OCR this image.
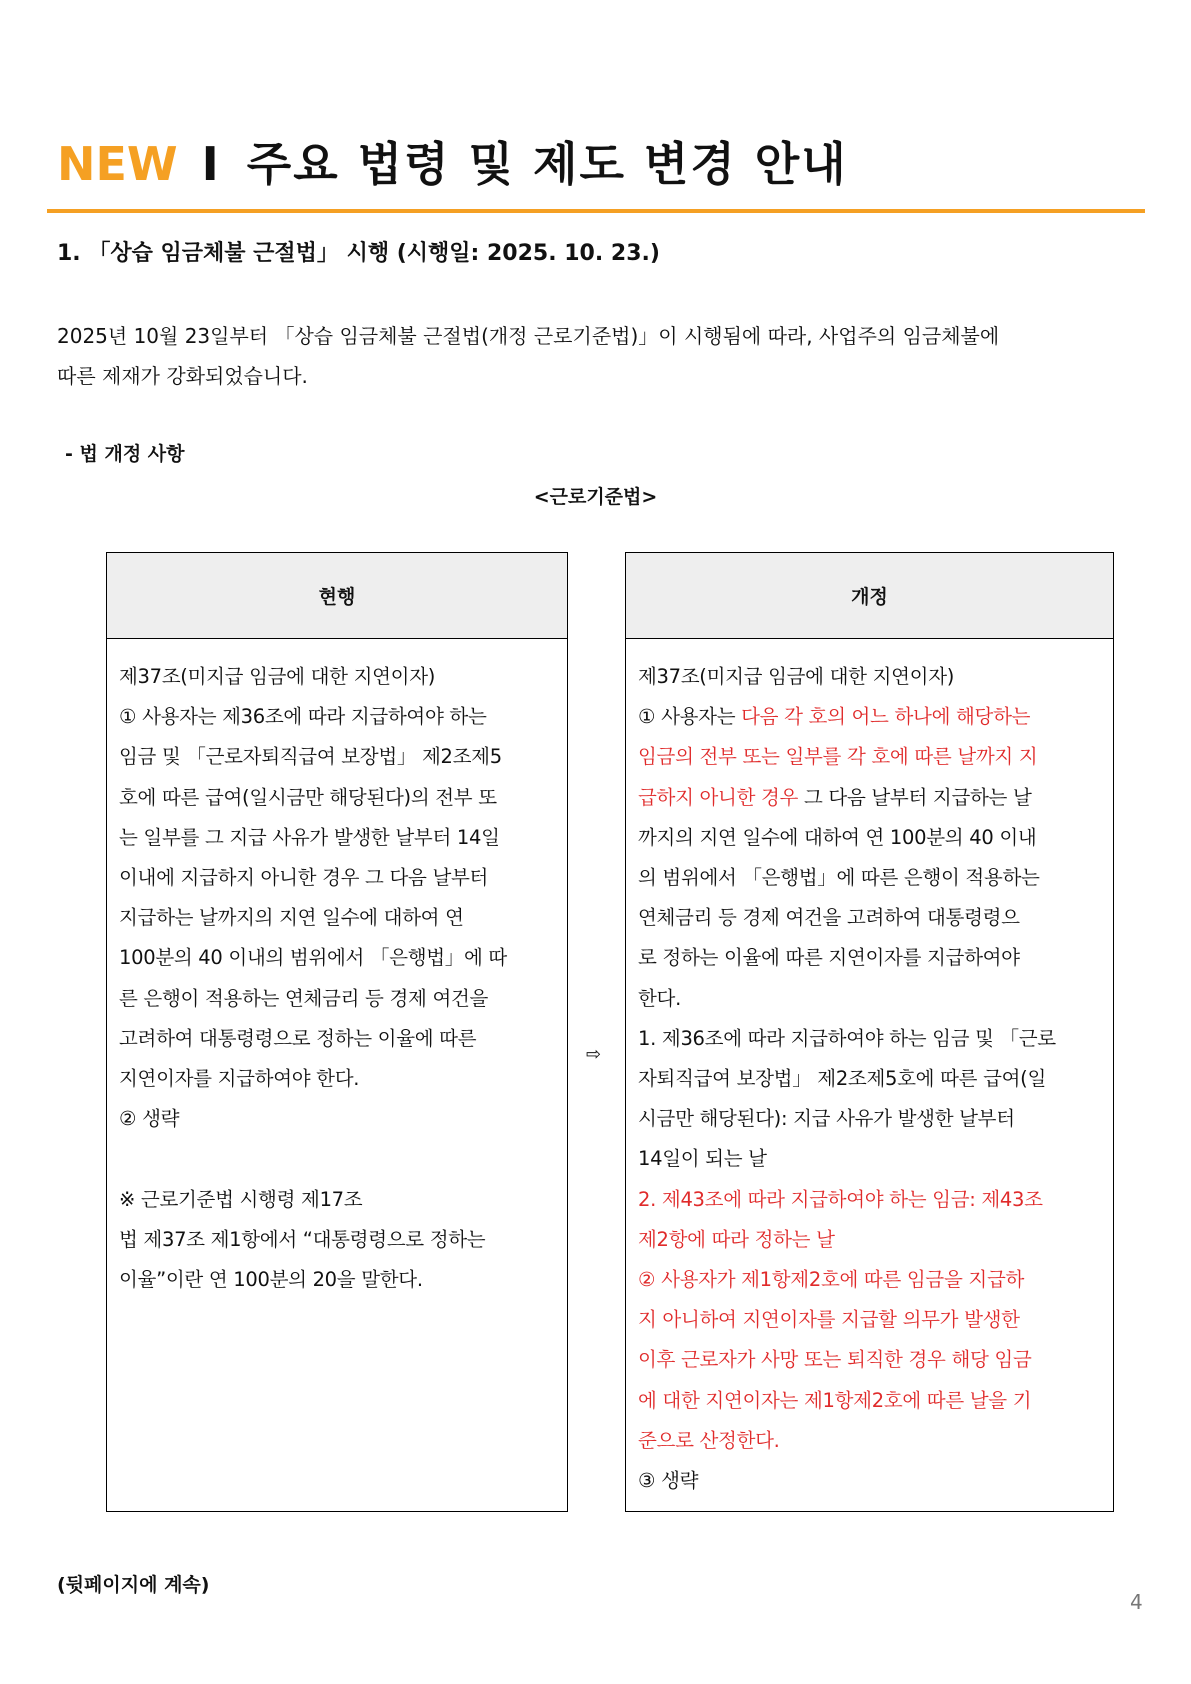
NEW I 주요 법령 및 제도 변경 안내
1. 「상습 임금체불 근절법」 시행 (시행일: 2025. 10. 23.)

2025년 10월 23일부터 「상습 임금체불 근절법(개정 근로기준법)」이 시행됨에 따라, 사업주의 임금체불에

따른 제재가 강화되었습니다.

- 법 개정 사항
<근로기준법>
현행

제37조(미지급 임금에 대한 지연이자)

① 사용자는 제36조에 따라 지급하여야 하는

임금 및 「근로자퇴직급여 보장법」 제2조제5

호에 따른 급여(일시금만 해당된다)의 전부 또

는 일부를 그 지급 사유가 발생한 날부터 14일

이내에 지급하지 아니한 경우 그 다음 날부터

지급하는 날까지의 지연 일수에 대하여 연

100분의 40 이내의 범위에서 「은행법」에 따

른 은행이 적용하는 연체금리 등 경제 여건을

고려하여 대통령령으로 정하는 이율에 따른

지연이자를 지급하여야 한다.

② 생략

※ 근로기준법 시행령 제17조

법 제37조 제1항에서 “대통령령으로 정하는

이율”이란 연 100분의 20을 말한다.

⇨
개정

제37조(미지급 임금에 대한 지연이자)

① 사용자는 다음 각 호의 어느 하나에 해당하는

임금의 전부 또는 일부를 각 호에 따른 날까지 지

급하지 아니한 경우 그 다음 날부터 지급하는 날

까지의 지연 일수에 대하여 연 100분의 40 이내

의 범위에서 「은행법」에 따른 은행이 적용하는

연체금리 등 경제 여건을 고려하여 대통령령으

로 정하는 이율에 따른 지연이자를 지급하여야

한다.

1. 제36조에 따라 지급하여야 하는 임금 및 「근로

자퇴직급여 보장법」 제2조제5호에 따른 급여(일

시금만 해당된다): 지급 사유가 발생한 날부터

14일이 되는 날

2. 제43조에 따라 지급하여야 하는 임금: 제43조

제2항에 따라 정하는 날

② 사용자가 제1항제2호에 따른 임금을 지급하

지 아니하여 지연이자를 지급할 의무가 발생한

이후 근로자가 사망 또는 퇴직한 경우 해당 임금

에 대한 지연이자는 제1항제2호에 따른 날을 기

준으로 산정한다.

③ 생략

(뒷페이지에 계속)
4
